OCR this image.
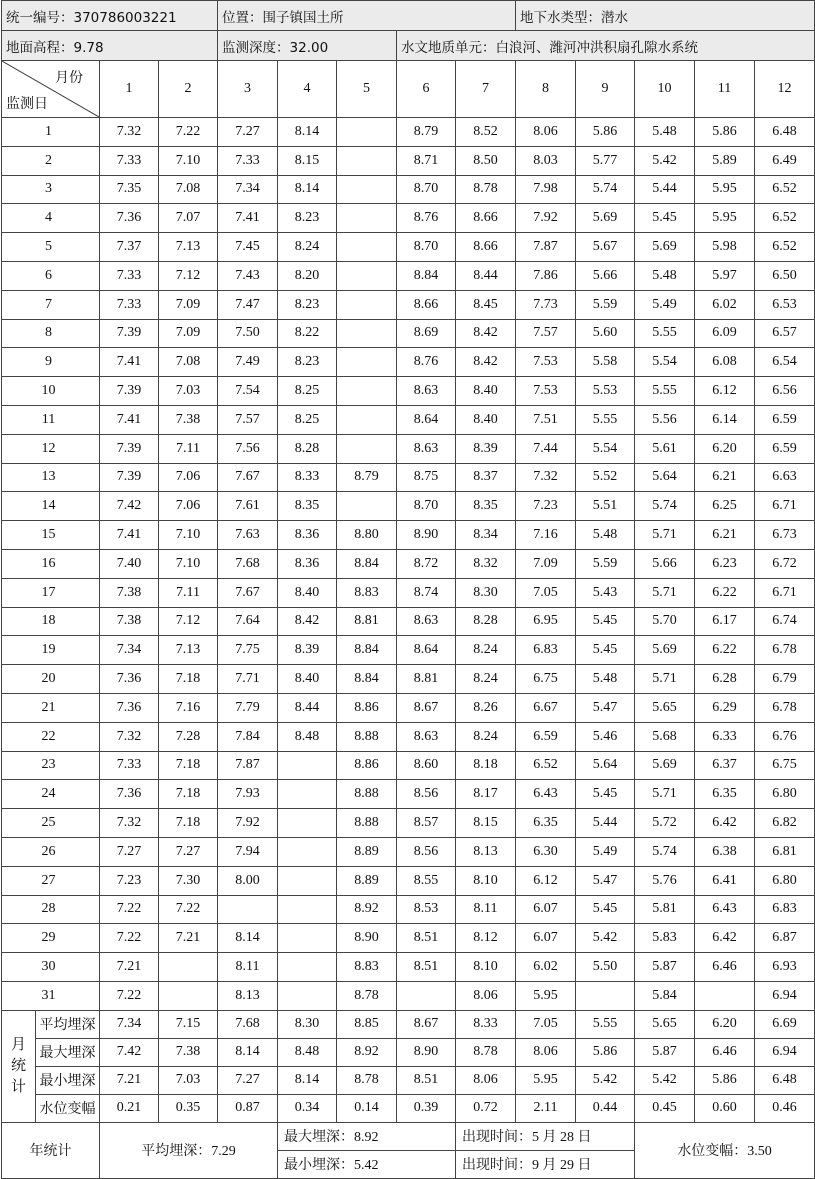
统一编号：370786003221				位置：围子镇国土所					地下水类型：潜水				
地面高程：9.78				监测深度：32.00			水文地质单元：白浪河、潍河冲洪积扇孔隙水系统						

月份
监测日		1	2	3	4	5	6	7	8	9	10	11	12
1		7.32	7.22	7.27	8.14		8.79	8.52	8.06	5.86	5.48	5.86	6.48
2		7.33	7.10	7.33	8.15		8.71	8.50	8.03	5.77	5.42	5.89	6.49
3		7.35	7.08	7.34	8.14		8.70	8.78	7.98	5.74	5.44	5.95	6.52
4		7.36	7.07	7.41	8.23		8.76	8.66	7.92	5.69	5.45	5.95	6.52
5		7.37	7.13	7.45	8.24		8.70	8.66	7.87	5.67	5.69	5.98	6.52
6		7.33	7.12	7.43	8.20		8.84	8.44	7.86	5.66	5.48	5.97	6.50
7		7.33	7.09	7.47	8.23		8.66	8.45	7.73	5.59	5.49	6.02	6.53
8		7.39	7.09	7.50	8.22		8.69	8.42	7.57	5.60	5.55	6.09	6.57
9		7.41	7.08	7.49	8.23		8.76	8.42	7.53	5.58	5.54	6.08	6.54
10		7.39	7.03	7.54	8.25		8.63	8.40	7.53	5.53	5.55	6.12	6.56
11		7.41	7.38	7.57	8.25		8.64	8.40	7.51	5.55	5.56	6.14	6.59
12		7.39	7.11	7.56	8.28		8.63	8.39	7.44	5.54	5.61	6.20	6.59
13		7.39	7.06	7.67	8.33	8.79	8.75	8.37	7.32	5.52	5.64	6.21	6.63
14		7.42	7.06	7.61	8.35		8.70	8.35	7.23	5.51	5.74	6.25	6.71
15		7.41	7.10	7.63	8.36	8.80	8.90	8.34	7.16	5.48	5.71	6.21	6.73
16		7.40	7.10	7.68	8.36	8.84	8.72	8.32	7.09	5.59	5.66	6.23	6.72
17		7.38	7.11	7.67	8.40	8.83	8.74	8.30	7.05	5.43	5.71	6.22	6.71
18		7.38	7.12	7.64	8.42	8.81	8.63	8.28	6.95	5.45	5.70	6.17	6.74
19		7.34	7.13	7.75	8.39	8.84	8.64	8.24	6.83	5.45	5.69	6.22	6.78
20		7.36	7.18	7.71	8.40	8.84	8.81	8.24	6.75	5.48	5.71	6.28	6.79
21		7.36	7.16	7.79	8.44	8.86	8.67	8.26	6.67	5.47	5.65	6.29	6.78
22		7.32	7.28	7.84	8.48	8.88	8.63	8.24	6.59	5.46	5.68	6.33	6.76
23		7.33	7.18	7.87		8.86	8.60	8.18	6.52	5.64	5.69	6.37	6.75
24		7.36	7.18	7.93		8.88	8.56	8.17	6.43	5.45	5.71	6.35	6.80
25		7.32	7.18	7.92		8.88	8.57	8.15	6.35	5.44	5.72	6.42	6.82
26		7.27	7.27	7.94		8.89	8.56	8.13	6.30	5.49	5.74	6.38	6.81
27		7.23	7.30	8.00		8.89	8.55	8.10	6.12	5.47	5.76	6.41	6.80
28		7.22	7.22			8.92	8.53	8.11	6.07	5.45	5.81	6.43	6.83
29		7.22	7.21	8.14		8.90	8.51	8.12	6.07	5.42	5.83	6.42	6.87
30		7.21		8.11		8.83	8.51	8.10	6.02	5.50	5.87	6.46	6.93
31		7.22		8.13		8.78		8.06	5.95		5.84		6.94
月
统
计	平均埋深	7.34	7.15	7.68	8.30	8.85	8.67	8.33	7.05	5.55	5.65	6.20	6.69
	最大埋深	7.42	7.38	8.14	8.48	8.92	8.90	8.78	8.06	5.86	5.87	6.46	6.94
	最小埋深	7.21	7.03	7.27	8.14	8.78	8.51	8.06	5.95	5.42	5.42	5.86	6.48
	水位变幅	0.21	0.35	0.87	0.34	0.14	0.39	0.72	2.11	0.44	0.45	0.60	0.46
年统计		平均埋深：7.29			最大埋深：8.92			出现时间：5 月 28 日			水位变幅：3.50		
					最小埋深：5.42			出现时间：9 月 29 日					
